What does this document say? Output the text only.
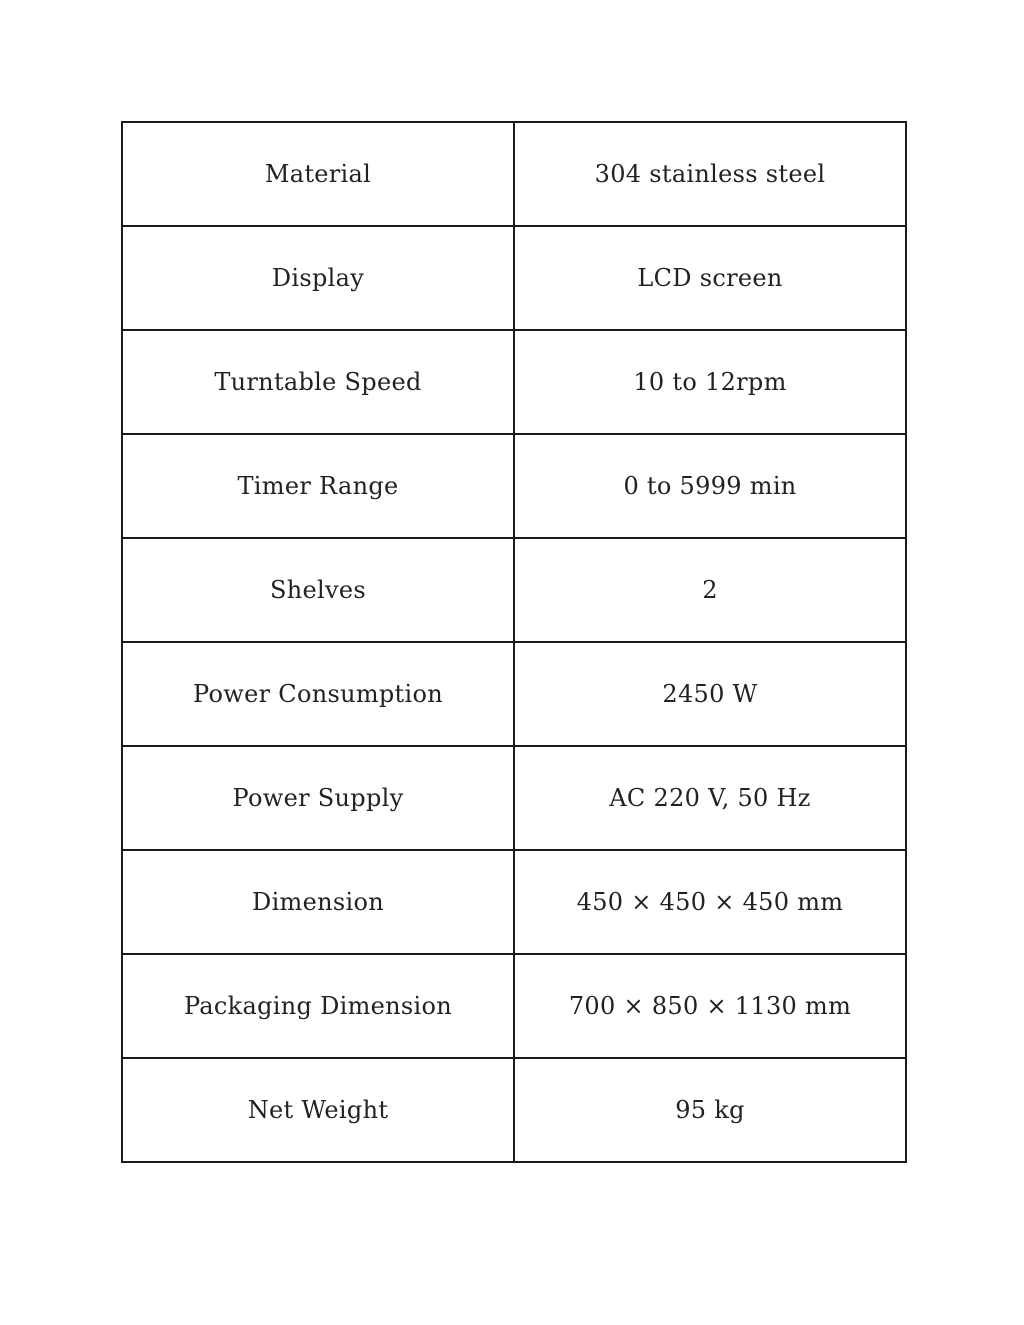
Material	304 stainless steel
Display	LCD screen
Turntable Speed	10 to 12rpm
Timer Range	0 to 5999 min
Shelves	2
Power Consumption	2450 W
Power Supply	AC 220 V, 50 Hz
Dimension	450 × 450 × 450 mm
Packaging Dimension	700 × 850 × 1130 mm
Net Weight	95 kg
